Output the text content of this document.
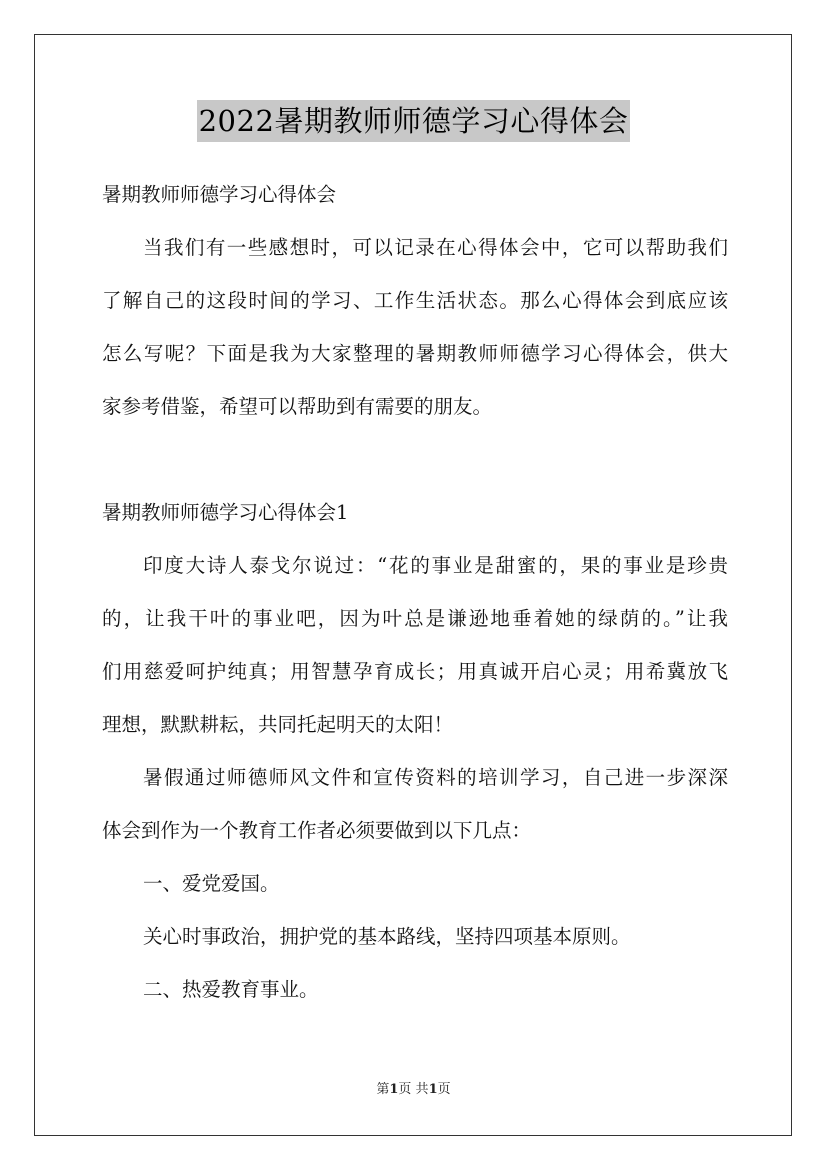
2022暑期教师师德学习心得体会
暑期教师师德学习心得体会
当我们有一些感想时，可以记录在心得体会中，它可以帮助我们
了解自己的这段时间的学习、工作生活状态。那么心得体会到底应该
怎么写呢？下面是我为大家整理的暑期教师师德学习心得体会，供大
家参考借鉴，希望可以帮助到有需要的朋友。
暑期教师师德学习心得体会1
印度大诗人泰戈尔说过：“花的事业是甜蜜的，果的事业是珍贵
的，让我干叶的事业吧，因为叶总是谦逊地垂着她的绿荫的。”让我
们用慈爱呵护纯真；用智慧孕育成长；用真诚开启心灵；用希冀放飞
理想，默默耕耘，共同托起明天的太阳！
暑假通过师德师风文件和宣传资料的培训学习，自己进一步深深
体会到作为一个教育工作者必须要做到以下几点：
一、爱党爱国。
关心时事政治，拥护党的基本路线，坚持四项基本原则。
二、热爱教育事业。
第1页 共1页
